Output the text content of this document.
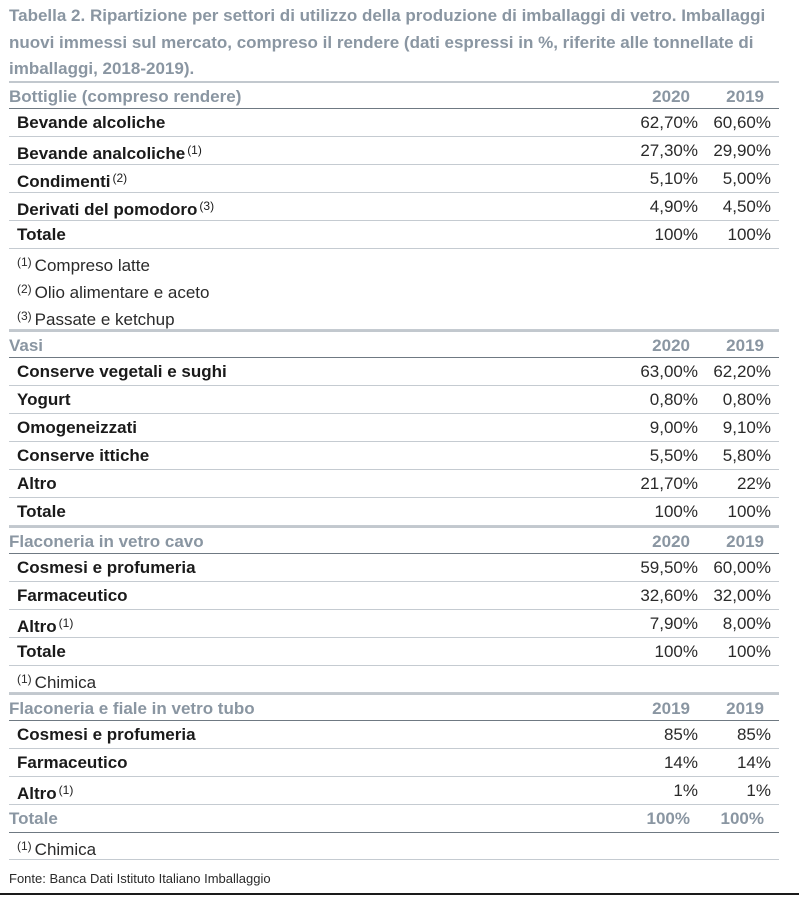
Tabella 2. Ripartizione per settori di utilizzo della produzione di imballaggi di vetro. Imballaggi nuovi immessi sul mercato, compreso il rendere (dati espressi in %, riferite alle tonnellate di imballaggi, 2018-2019).
Bottiglie (compreso rendere)	2020 2019
Bevande alcoliche	62,70% 60,60%
Bevande analcoliche $^{(1)}$	27,30% 29,90%
Condimenti $^{(2)}$	5,10% 5,00%
Derivati del pomodoro $^{(3)}$	4,90% 4,50%
Totale	100% 100%
$^{(1)}$ Compreso latte
$^{(2)}$ Olio alimentare e aceto
$^{(3)}$ Passate e ketchup
Vasi	2020 2019
Conserve vegetali e sughi	63,00% 62,20%
Yogurt	0,80% 0,80%
Omogeneizzati	9,00% 9,10%
Conserve ittiche	5,50% 5,80%
Altro	21,70% 22%
Totale	100% 100%
Flaconeria in vetro cavo	2020 2019
Cosmesi e profumeria	59,50% 60,00%
Farmaceutico	32,60% 32,00%
Altro $^{(1)}$	7,90% 8,00%
Totale	100% 100%
$^{(1)}$ Chimica
Flaconeria e fiale in vetro tubo	2019 2019
Cosmesi e profumeria	85% 85%
Farmaceutico	14% 14%
Altro $^{(1)}$	1%	1%
Totale	100% 100%
$^{(1)}$ Chimica
Fonte: Banca Dati Istituto Italiano Imballaggio
